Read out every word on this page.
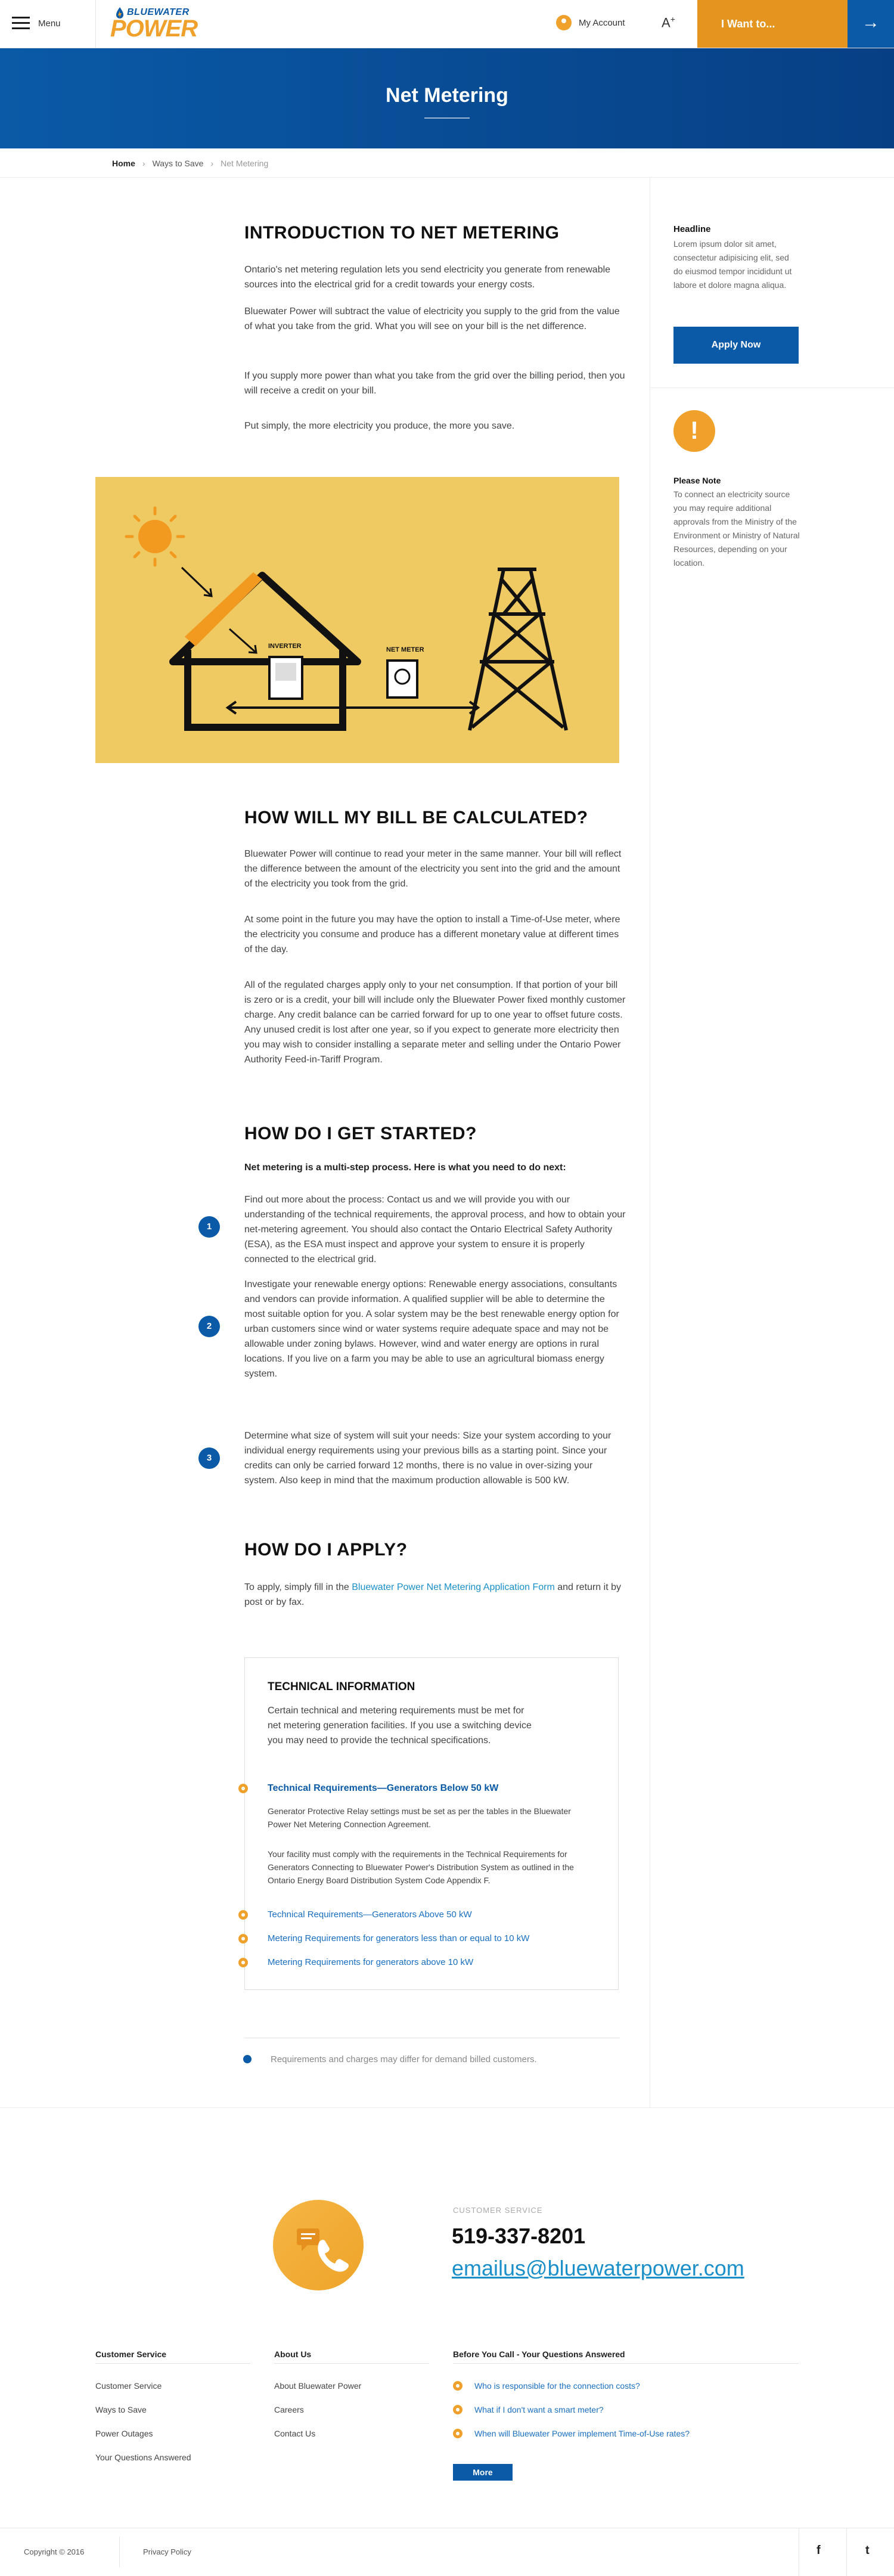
Menu
BLUEWATER
POWER	My Account	A+	I Want to...	→
Net Metering
Home › Ways to Save › Net Metering
INTRODUCTION TO NET METERING

Ontario's net metering regulation lets you send electricity you generate from renewable sources into the electrical grid for a credit towards your energy costs.

Bluewater Power will subtract the value of electricity you supply to the grid from the value of what you take from the grid. What you will see on your bill is the net difference.

If you supply more power than what you take from the grid over the billing period, then you will receive a credit on your bill.

Put simply, the more electricity you produce, the more you save.

INVERTER	NET METER
HOW WILL MY BILL BE CALCULATED?

Bluewater Power will continue to read your meter in the same manner. Your bill will reflect the difference between the amount of the electricity you sent into the grid and the amount of the electricity you took from the grid.

At some point in the future you may have the option to install a Time-of-Use meter, where the electricity you consume and produce has a different monetary value at different times of the day.

All of the regulated charges apply only to your net consumption. If that portion of your bill is zero or is a credit, your bill will include only the Bluewater Power fixed monthly customer charge. Any credit balance can be carried forward for up to one year to offset future costs. Any unused credit is lost after one year, so if you expect to generate more electricity then you may wish to consider installing a separate meter and selling under the Ontario Power Authority Feed-in-Tariff Program.

HOW DO I GET STARTED?

Net metering is a multi-step process. Here is what you need to do next:

1

Find out more about the process: Contact us and we will provide you with our understanding of the technical requirements, the approval process, and how to obtain your net-metering agreement. You should also contact the Ontario Electrical Safety Authority (ESA), as the ESA must inspect and approve your system to ensure it is properly connected to the electrical grid.

2

Investigate your renewable energy options: Renewable energy associations, consultants and vendors can provide information. A qualified supplier will be able to determine the most suitable option for you. A solar system may be the best renewable energy option for urban customers since wind or water systems require adequate space and may not be allowable under zoning bylaws. However, wind and water energy are options in rural locations. If you live on a farm you may be able to use an agricultural biomass energy system.

3

Determine what size of system will suit your needs: Size your system according to your individual energy requirements using your previous bills as a starting point. Since your credits can only be carried forward 12 months, there is no value in over-sizing your system. Also keep in mind that the maximum production allowable is 500 kW.

HOW DO I APPLY?

To apply, simply fill in the Bluewater Power Net Metering Application Form and return it by post or by fax.

TECHNICAL INFORMATION

Certain technical and metering requirements must be met for net metering generation facilities. If you use a switching device you may need to provide the technical specifications.

Technical Requirements—Generators Below 50 kW

Generator Protective Relay settings must be set as per the tables in the Bluewater Power Net Metering Connection Agreement.

Your facility must comply with the requirements in the Technical Requirements for Generators Connecting to Bluewater Power's Distribution System as outlined in the Ontario Energy Board Distribution System Code Appendix F.

Technical Requirements—Generators Above 50 kW
Metering Requirements for generators less than or equal to 10 kW
Metering Requirements for generators above 10 kW
Requirements and charges may differ for demand billed customers.
Headline

Lorem ipsum dolor sit amet, consectetur adipisicing elit, sed do eiusmod tempor incididunt ut labore et dolore magna aliqua.

Apply Now
!
Please Note

To connect an electricity source you may require additional approvals from the Ministry of the Environment or Ministry of Natural Resources, depending on your location.

CUSTOMER SERVICE
519-337-8201
emailus@bluewaterpower.com
Customer Service
Customer Service
Ways to Save
Power Outages
Your Questions Answered
About Us
About Bluewater Power
Careers
Contact Us
Before You Call - Your Questions Answered
Who is responsible for the connection costs?
What if I don't want a smart meter?
When will Bluewater Power implement Time-of-Use rates?
More
Copyright © 2016	Privacy Policy	f	t
